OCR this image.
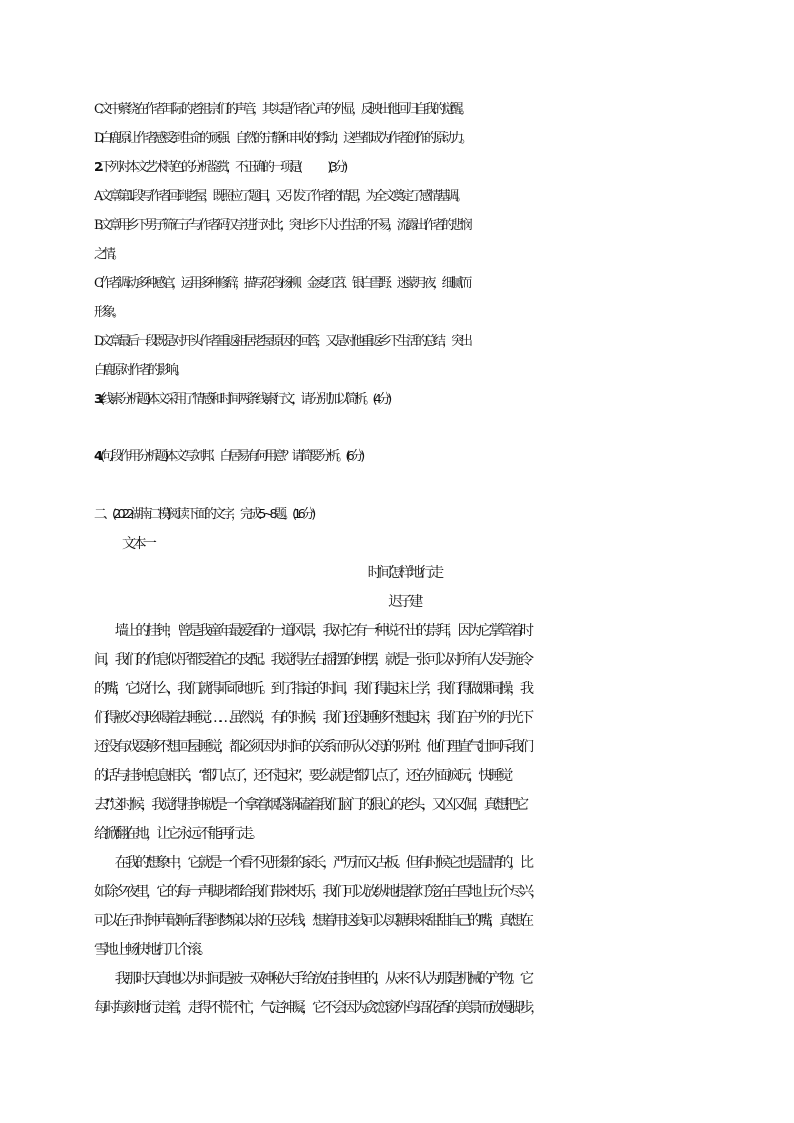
C.文中萦绕在作者耳际的老祖宗们的声音，其实是作者心声的外显，反映出他回归自我的觉醒。
D.白鹿原让作者感受到生命的顽强、自然的宁静和丰收的悸动，这些都成为作者创作的原动力。
2.下列对本文艺术特色的分析鉴赏，不正确的一项是( )(3 分)
A.文章第 1 段写作者回到老屋，既照应了题目，又引发了作者的情思，为全文奠定了感情基调。
B.文章用乡下男子筛石子与作者码汉字进行对比，突出乡下人讨生活的不易，流露出作者的悲悯
之情。
C.作者调动多种感官，运用多种修辞，描写花鸟杨柳、金麦红苕、银白雪野、迷蒙月夜，细腻而
形象。
D.文章最后一段既是对开头作者重返祖居老屋原因的回答，又是对他重返乡下生活的总结，突出
白鹿原对作者的影响。
3.(线索分析题)本文采用了情感和时间两条线索行文，请分别加以简析。(4 分)
4.(句段作用分析题)本文写刘邦、白居易有何用意？请简要分析。(6 分)
二、(2022·湖南二模)阅读下面的文字，完成 5~8 题。(16 分)
文本一
时间怎样地行走
迟子建
　　墙上的挂钟，曾是我童年最爱看的一道风景，我对它有一种说不出的崇拜，因为它掌管着时
间，我们的作息似乎都受着它的支配。我觉得左右摇摆的钟摆，就是一张可以对所有人发号施令
的嘴，它说什么，我们就得乖乖地听。到了指定的时间，我们得起床上学，我们得做课间操，我
们得被父母吆喝着去睡觉……虽然说，有的时候，我们还没睡够不想起床，我们在户外的月光下
还没有戏耍够不想回屋睡觉，都必须因为时间的关系而听从父母的吩咐。他们理直气壮呵斥我们
的话与挂钟息息相关，“都几点了，还不起床”，要么就是“都几点了，还在外面疯玩，快睡觉
去!”这时候，我觉得挂钟就是一个拿着烟袋锅磕着我们脑门的狠心的老头，又凶又倔，真想把它
给掀翻在地，让它永远不能再行走。
　　在我的想象中，它就是一个看不见形影的家长，严厉而又古板。但有时候它也是温情的，比
如除夕夜里，它的每一声脚步都给我们带来快乐，我们可以放纵地提着灯笼在白雪地上玩个尽兴，
可以在子时钟声敲响后得到梦寐以求的压岁钱，想着用这钱可以买糖果来甜甜自己的嘴，真想在
雪地上畅快地打几个滚。
　　我那时天真地以为时间是被一双神秘大手给放在挂钟里的，从来不认为那是机械的产物。它
每时每刻地行走着，走得不慌不忙，气定神凝，它不会因为贪恋窗外鸟语花香的美景而放慢脚步，
